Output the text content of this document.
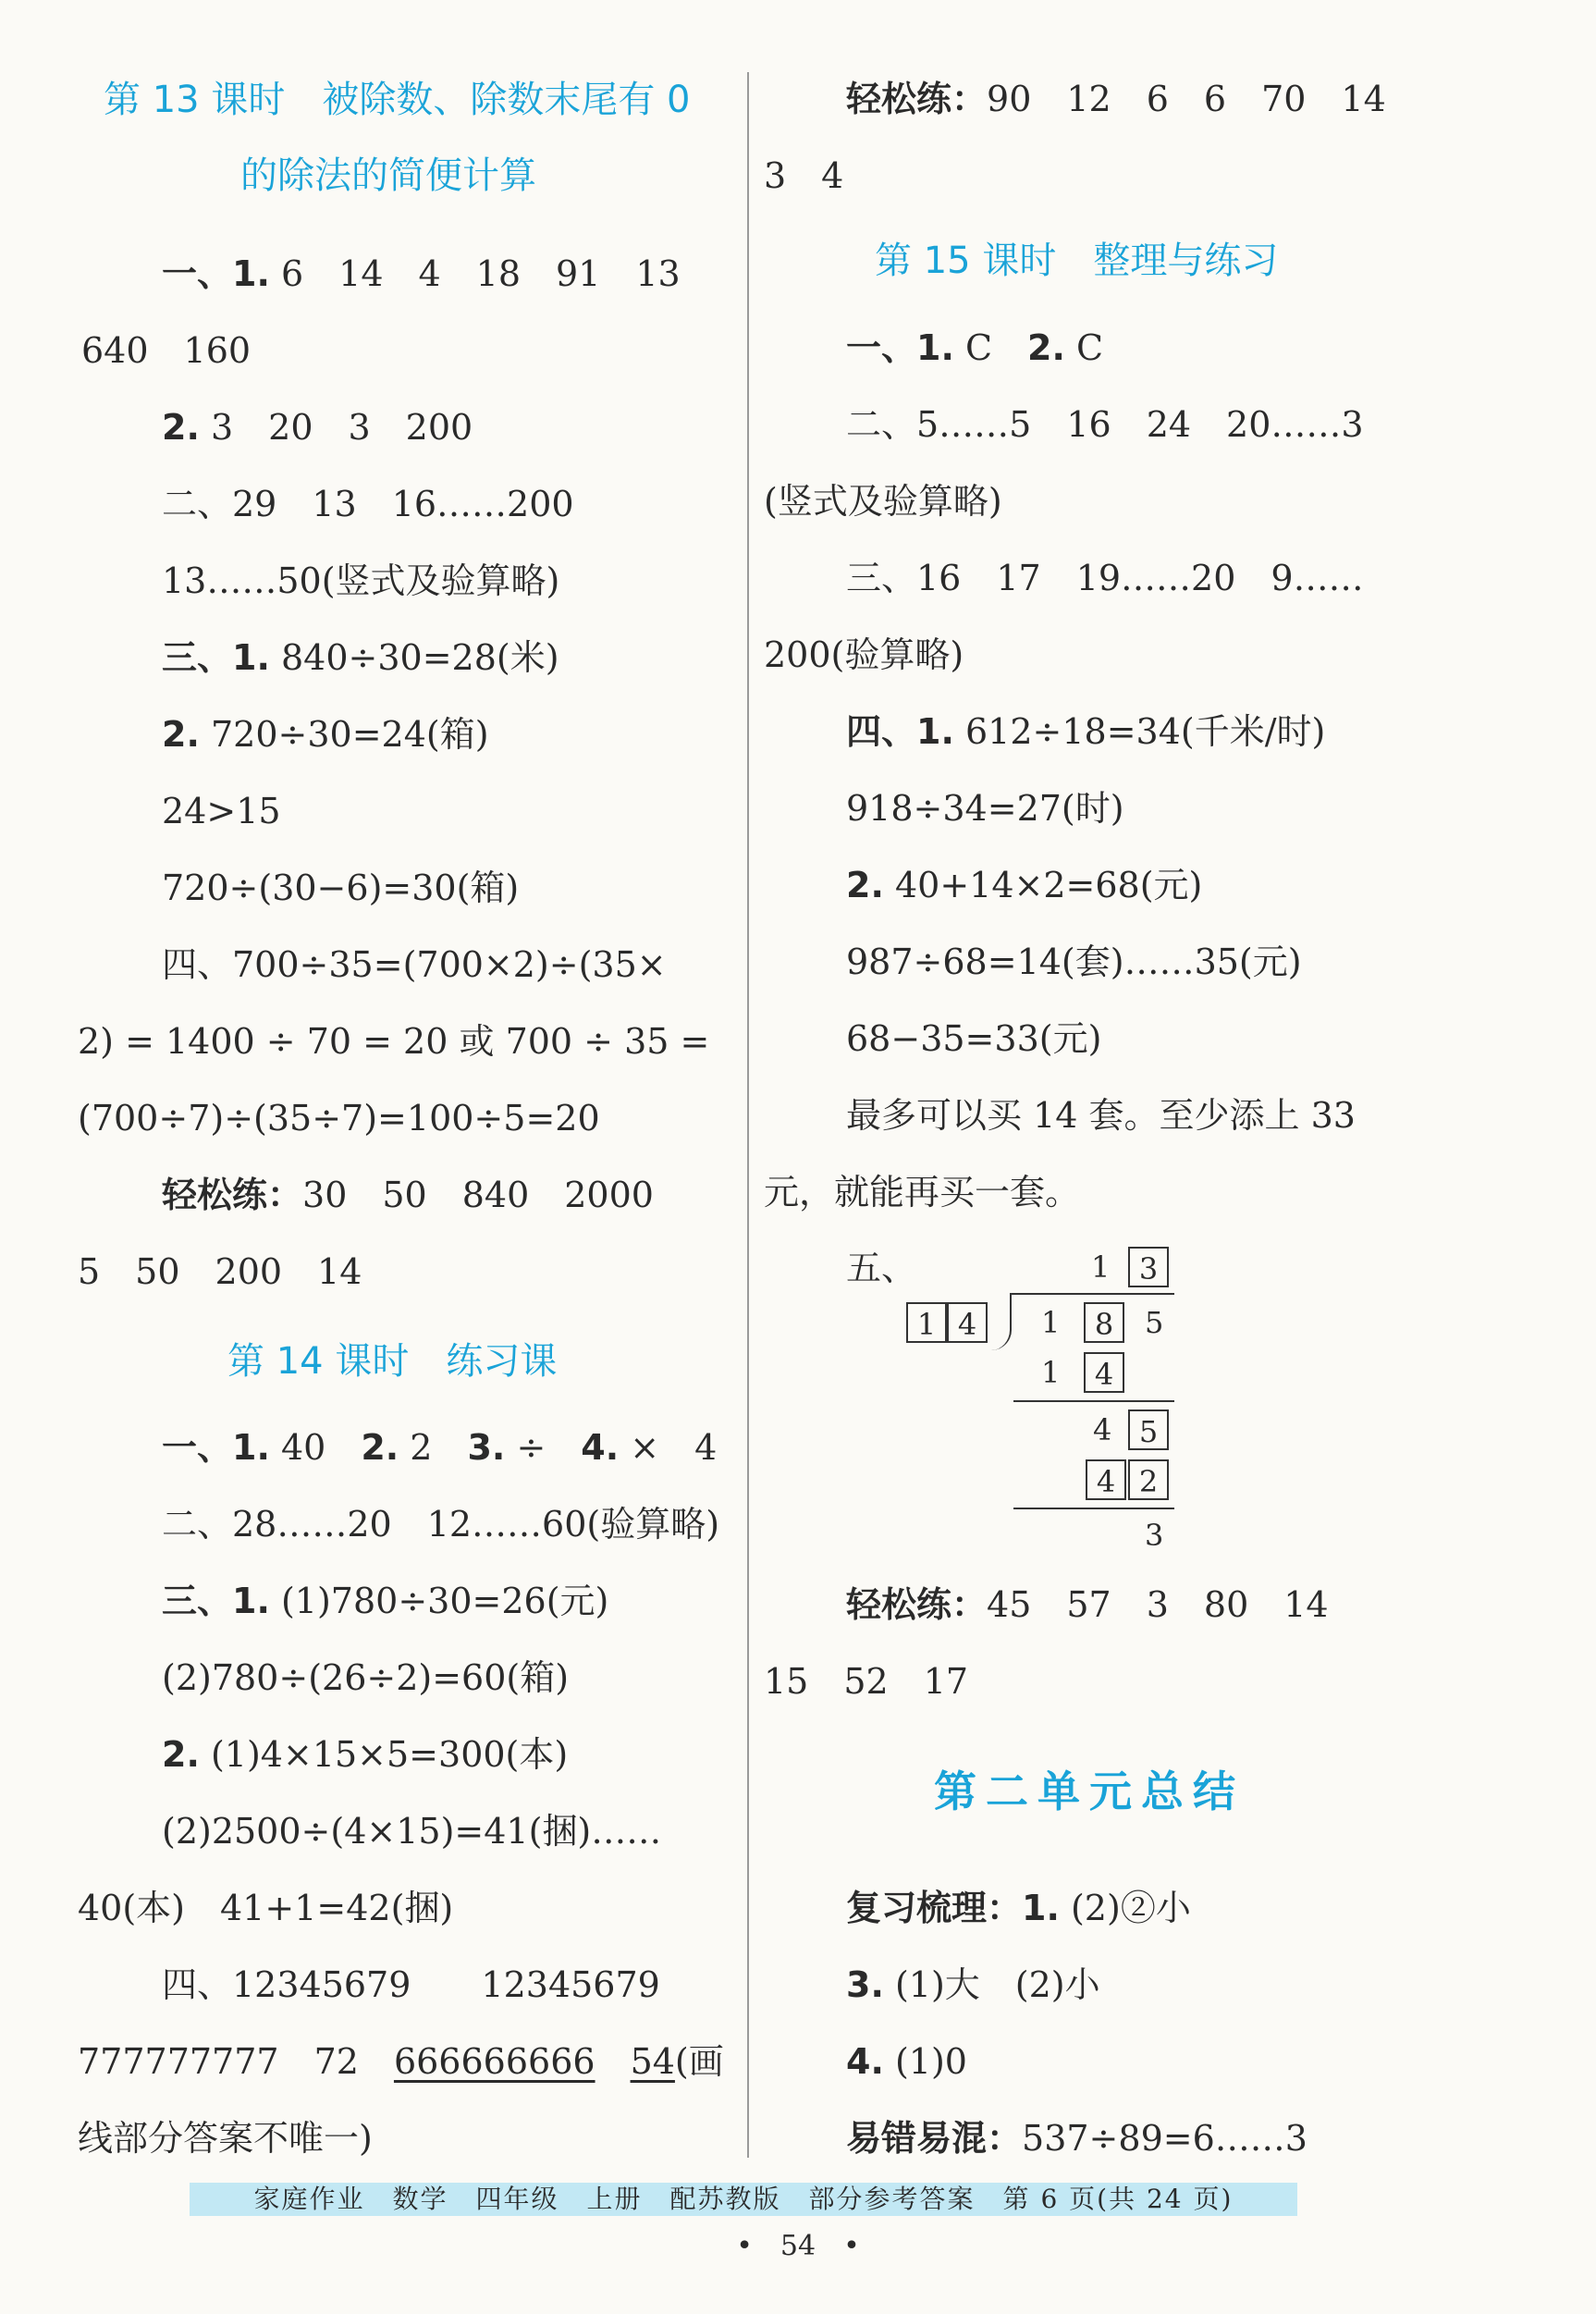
第 13 课时　被除数、除数末尾有 0
的除法的简便计算
一、1. 6　14　4　18　91　13
640　160
2. 3　20　3　200
二、29　13　16……200
13……50(竖式及验算略)
三、1. 840÷30=28(米)
2. 720÷30=24(箱)
24>15
720÷(30−6)=30(箱)
四、700÷35=(700×2)÷(35×
2) = 1400 ÷ 70 = 20 或 700 ÷ 35 =
(700÷7)÷(35÷7)=100÷5=20
轻松练：30　50　840　2000
5　50　200　14
第 14 课时　练习课
一、1. 40　2. 2　3. ÷　4. ×　4
二、28……20　12……60(验算略)
三、1. (1)780÷30=26(元)
(2)780÷(26÷2)=60(箱)
2. (1)4×15×5=300(本)
(2)2500÷(4×15)=41(捆)……
40(本)　41+1=42(捆)
四、12345679　　12345679
777777777　72　666666666　 54(画
线部分答案不唯一)
轻松练：90　12　6　6　70　14
3　4
第 15 课时　整理与练习
一、1. C　2. C
二、5……5　16　24　20……3
(竖式及验算略)
三、16　17　19……20　9……
200(验算略)
四、1. 612÷18=34(千米/时)
918÷34=27(时)
2. 40+14×2=68(元)
987÷68=14(套)……35(元)
68−35=33(元)
最多可以买 14 套。至少添上 33
元，就能再买一套。
五、	1 3
1 4	1	8	5
1	4
4 5
4 2
3
轻松练：45　57　3　80　14
15　52　17
第二单元总结
复习梳理：1. (2)②小
3. (1)大　(2)小
4. (1)0
易错易混：537÷89=6……3
家庭作业　数学　四年级　上册　配苏教版　部分参考答案　第 6 页(共 24 页)
•　54　•
